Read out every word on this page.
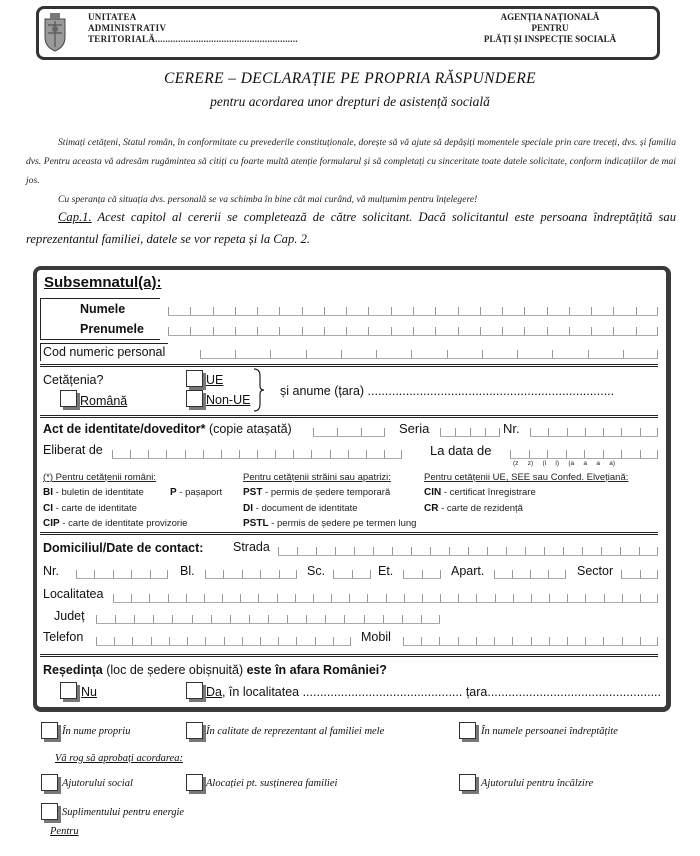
UNITATEA
ADMINISTRATIV
TERITORIALĂ........................................................
AGENȚIA NAȚIONALĂ
PENTRU
PLĂȚI ȘI INSPECȚIE SOCIALĂ
CERERE – DECLARAȚIE PE PROPRIA RĂSPUNDERE
pentru acordarea unor drepturi de asistență socială
Stimați cetățeni, Statul român, în conformitate cu prevederile constituționale, dorește să vă ajute să depășiți momentele speciale prin care treceți, dvs. și familia dvs. Pentru aceasta vă adresăm rugămintea să citiți cu foarte multă atenție formularul și să completați cu sinceritate toate datele solicitate, conform indicațiilor de mai jos.
Cu speranța că situația dvs. personală se va schimba în bine cât mai curând, vă mulțumim pentru înțelegere!
Cap.1. Acest capitol al cererii se completează de către solicitant. Dacă solicitantul este persoana îndreptățită sau reprezentantul familiei, datele se vor repeta și la Cap. 2.
Subsemnatul(a):
Numele
Prenumele
Cod numeric personal
Cetățenia?
Română
UE
Non-UE
și anume (țara) .......................................................................
Act de identitate/doveditor* (copie atașată)	Seria	Nr.
Eliberat de	La data de
(z z) (l l) (a a a a)
(*) Pentru cetățenii români:
BI - buletin de identitate	P - pașaport
CI - carte de identitate
CIP - carte de identitate provizorie
Pentru cetățenii străini sau apatrizi:
PST - permis de ședere temporară
DI - document de identitate
PSTL - permis de ședere pe termen lung
Pentru cetățenii UE, SEE sau Confed. Elvețiană:
CIN - certificat înregistrare
CR - carte de rezidență
Domiciliul/Date de contact: Strada
Nr.	Bl.	Sc.	Et.	Apart.	Sector
Localitatea
Județ
Telefon	Mobil
Reședința (loc de ședere obișnuită) este în afara României?
Nu	Da, în localitatea .............................................. țara..................................................
În nume propriu	În calitate de reprezentant al familiei mele	În numele persoanei îndreptățite
Vă rog să aprobați acordarea:
Ajutorului social	Alocației pt. susținerea familiei	Ajutorului pentru încălzire
Suplimentului pentru energie
Pentru
